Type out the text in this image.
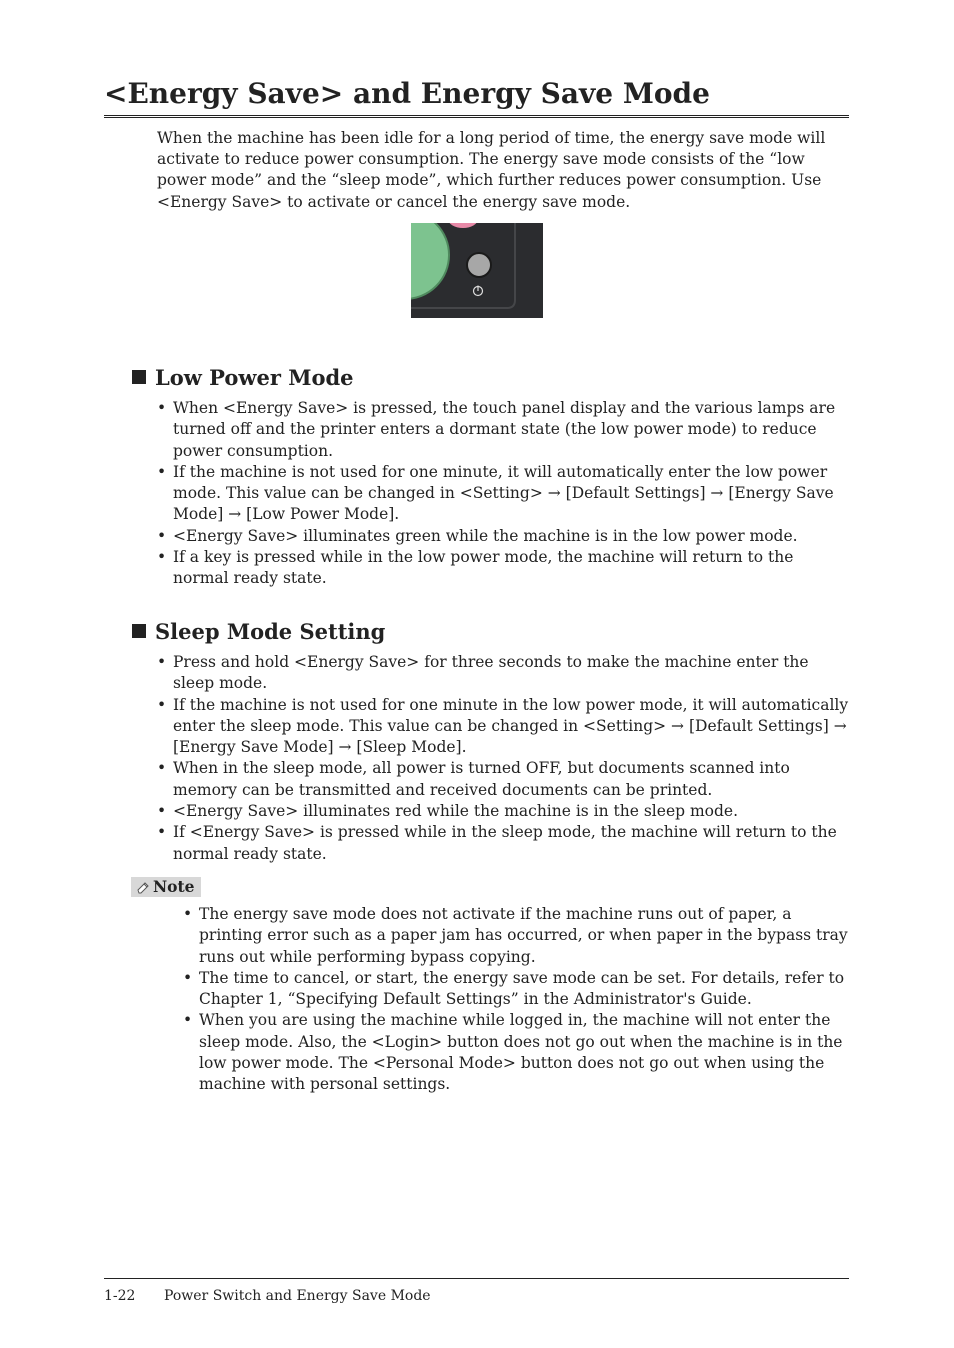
<Energy Save> and Energy Save Mode

When the machine has been idle for a long period of time, the energy save mode will activate to reduce power consumption. The energy save mode consists of the “low power mode” and the “sleep mode”, which further reduces power consumption. Use <Energy Save> to activate or cancel the energy save mode.

Low Power Mode
• When <Energy Save> is pressed, the touch panel display and the various lamps are turned off and the printer enters a dormant state (the low power mode) to reduce power consumption.
• If the machine is not used for one minute, it will automatically enter the low power mode. This value can be changed in <Setting> → [Default Settings] → [Energy Save Mode] → [Low Power Mode].
• <Energy Save> illuminates green while the machine is in the low power mode.
• If a key is pressed while in the low power mode, the machine will return to the normal ready state.
Sleep Mode Setting
• Press and hold <Energy Save> for three seconds to make the machine enter the sleep mode.
• If the machine is not used for one minute in the low power mode, it will automatically enter the sleep mode. This value can be changed in <Setting> → [Default Settings] → [Energy Save Mode] → [Sleep Mode].
• When in the sleep mode, all power is turned OFF, but documents scanned into memory can be transmitted and received documents can be printed.
• <Energy Save> illuminates red while the machine is in the sleep mode.
• If <Energy Save> is pressed while in the sleep mode, the machine will return to the normal ready state.
Note
• The energy save mode does not activate if the machine runs out of paper, a printing error such as a paper jam has occurred, or when paper in the bypass tray runs out while performing bypass copying.
• The time to cancel, or start, the energy save mode can be set. For details, refer to Chapter 1, “Specifying Default Settings” in the Administrator's Guide.
• When you are using the machine while logged in, the machine will not enter the sleep mode. Also, the <Login> button does not go out when the machine is in the low power mode. The <Personal Mode> button does not go out when using the machine with personal settings.
1-22 Power Switch and Energy Save Mode
